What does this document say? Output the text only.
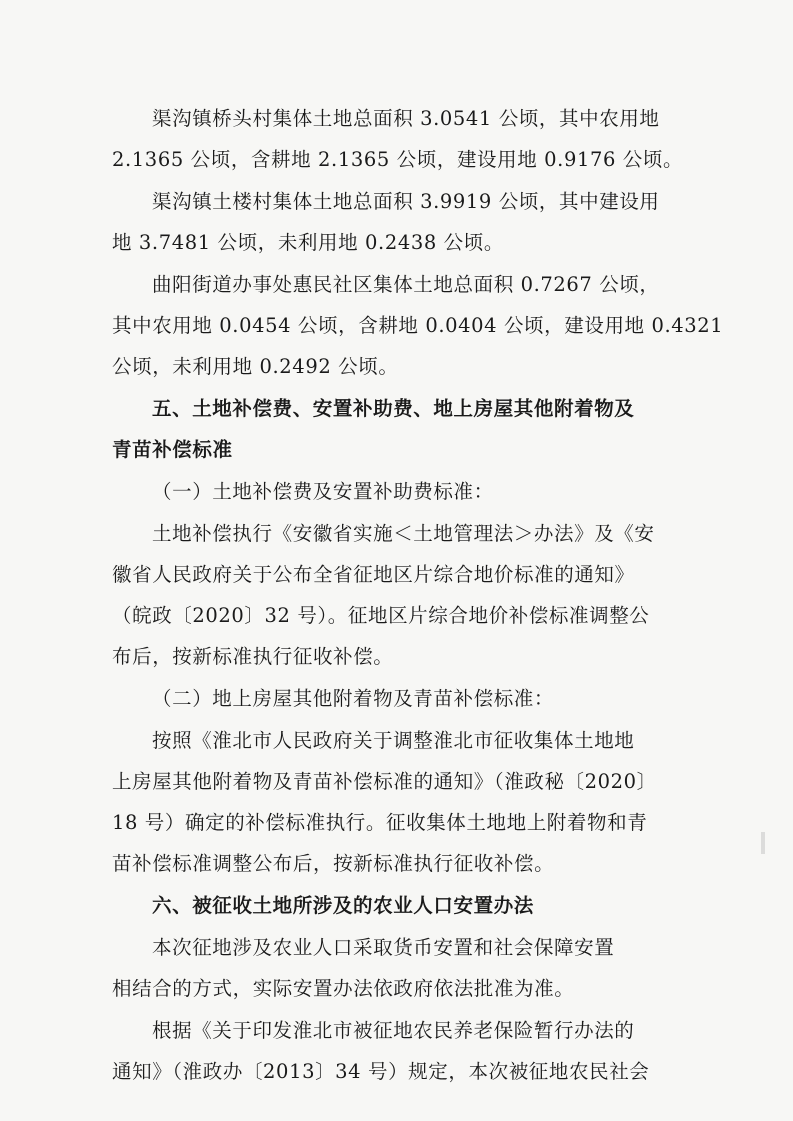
渠沟镇桥头村集体土地总面积 3.0541 公顷，其中农用地
2.1365 公顷，含耕地 2.1365 公顷，建设用地 0.9176 公顷。
渠沟镇土楼村集体土地总面积 3.9919 公顷，其中建设用
地 3.7481 公顷，未利用地 0.2438 公顷。
曲阳街道办事处惠民社区集体土地总面积 0.7267 公顷，
其中农用地 0.0454 公顷，含耕地 0.0404 公顷，建设用地 0.4321
公顷，未利用地 0.2492 公顷。
五、土地补偿费、安置补助费、地上房屋其他附着物及
青苗补偿标准
（一）土地补偿费及安置补助费标准：
土地补偿执行《安徽省实施＜土地管理法＞办法》及《安
徽省人民政府关于公布全省征地区片综合地价标准的通知》
（皖政〔2020〕32 号）。征地区片综合地价补偿标准调整公
布后，按新标准执行征收补偿。
（二）地上房屋其他附着物及青苗补偿标准：
按照《淮北市人民政府关于调整淮北市征收集体土地地
上房屋其他附着物及青苗补偿标准的通知》（淮政秘〔2020〕
18 号）确定的补偿标准执行。征收集体土地地上附着物和青
苗补偿标准调整公布后，按新标准执行征收补偿。
六、被征收土地所涉及的农业人口安置办法
本次征地涉及农业人口采取货币安置和社会保障安置
相结合的方式，实际安置办法依政府依法批准为准。
根据《关于印发淮北市被征地农民养老保险暂行办法的
通知》（淮政办〔2013〕34 号）规定，本次被征地农民社会
